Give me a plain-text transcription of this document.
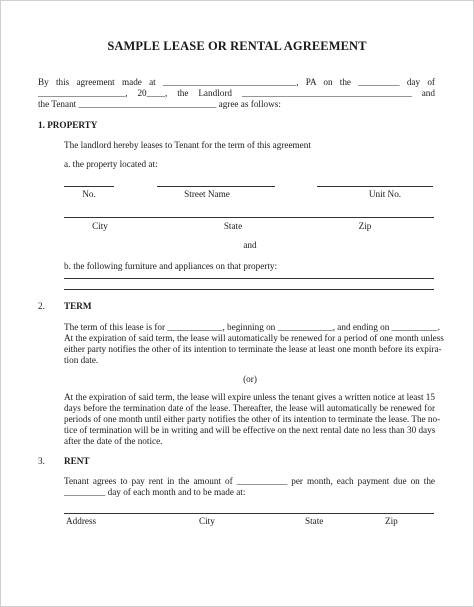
SAMPLE LEASE OR RENTAL AGREEMENT
By this agreement made at _____________________________, PA on the _________ day of
___________________, 20____, the Landlord _____________________________________ and
the Tenant ______________________________ agree as follows:
1. PROPERTY
The landlord hereby leases to Tenant for the term of this agreement
a. the property located at:
No.	Street Name	Unit No.
City	State	Zip
and
b. the following furniture and appliances on that property:
2. TERM
The term of this lease is for ____________, beginning on ____________, and ending on __________.
At the expiration of said term, the lease will automatically be renewed for a period of one month unless
either party notifies the other of its intention to terminate the lease at least one month before its expira-
tion date.
(or)
At the expiration of said term, the lease will expire unless the tenant gives a written notice at least 15
days before the termination date of the lease. Thereafter, the lease will automatically be renewed for
periods of one month until either party notifies the other of its intention to terminate the lease. The no-
tice of termination will be in writing and will be effective on the next rental date no less than 30 days
after the date of the notice.
3. RENT
Tenant agrees to pay rent in the amount of ___________ per month, each payment due on the
_________ day of each month and to be made at:
Address	City	State	Zip
